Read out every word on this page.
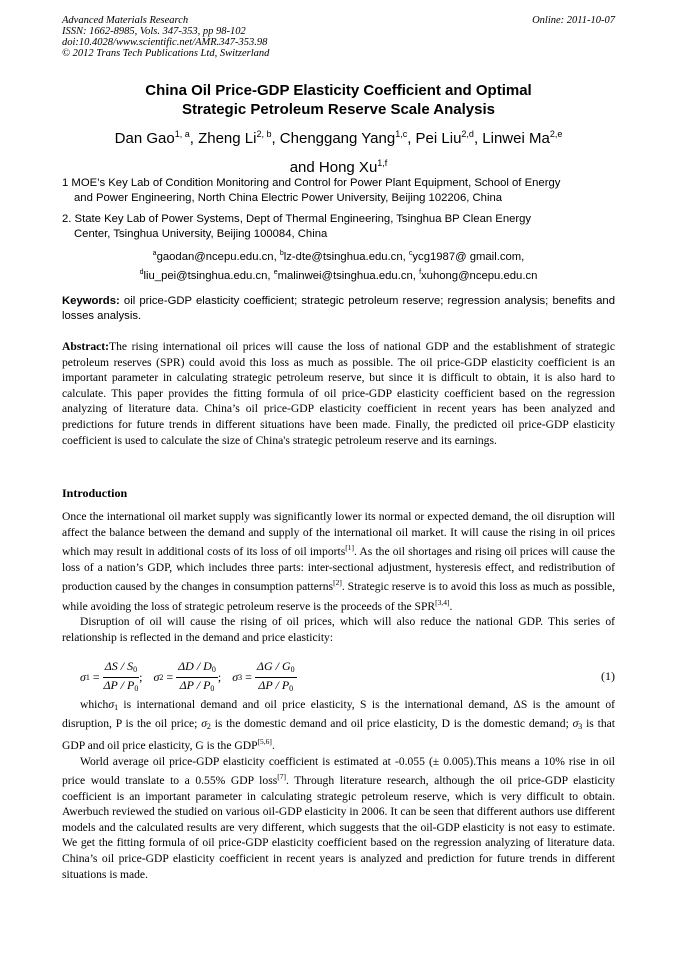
Advanced Materials Research
ISSN: 1662-8985, Vols. 347-353, pp 98-102
doi:10.4028/www.scientific.net/AMR.347-353.98
© 2012 Trans Tech Publications Ltd, Switzerland
Online: 2011-10-07
China Oil Price-GDP Elasticity Coefficient and Optimal
Strategic Petroleum Reserve Scale Analysis
Dan Gao$^{1, a}$, Zheng Li$^{2, b}$, Chenggang Yang$^{1,c}$, Pei Liu$^{2,d}$, Linwei Ma$^{2,e}$
and Hong Xu$^{1,f}$
1 MOE’s Key Lab of Condition Monitoring and Control for Power Plant Equipment, School of Energy
and Power Engineering, North China Electric Power University, Beijing 102206, China
2. State Key Lab of Power Systems, Dept of Thermal Engineering, Tsinghua BP Clean Energy
Center, Tsinghua University, Beijing 100084, China
$^a$gaodan@ncepu.edu.cn, $^b$lz-dte@tsinghua.edu.cn, $^c$ycg1987@ gmail.com,
$^d$liu_pei@tsinghua.edu.cn, $^e$malinwei@tsinghua.edu.cn, $^f$xuhong@ncepu.edu.cn
Keywords: oil price-GDP elasticity coefficient; strategic petroleum reserve; regression analysis; benefits and losses analysis.

Abstract:The rising international oil prices will cause the loss of national GDP and the establishment of strategic petroleum reserves (SPR) could avoid this loss as much as possible. The oil price-GDP elasticity coefficient is an important parameter in calculating strategic petroleum reserve, but since it is difficult to obtain, it is also hard to calculate. This paper provides the fitting formula of oil price-GDP elasticity coefficient based on the regression analyzing of literature data. China’s oil price-GDP elasticity coefficient in recent years has been analyzed and predictions for future trends in different situations have been made. Finally, the predicted oil price-GDP elasticity coefficient is used to calculate the size of China's strategic petroleum reserve and its earnings.

Introduction

Once the international oil market supply was significantly lower its normal or expected demand, the oil disruption will affect the balance between the demand and supply of the international oil market. It will cause the rising in oil prices which may result in additional costs of its loss of oil imports[1]. As the oil shortages and rising oil prices will cause the loss of a nation’s GDP, which includes three parts: inter-sectional adjustment, hysteresis effect, and redistribution of production caused by the changes in consumption patterns[2]. Strategic reserve is to avoid this loss as much as possible, while avoiding the loss of strategic petroleum reserve is the proceeds of the SPR[3,4].

Disruption of oil will cause the rising of oil prices, which will also reduce the national GDP. This series of relationship is reflected in the demand and price elasticity:

σ 1
=
$\frac{\Delta S / S_0}{\Delta P / P_0}$ ;
σ 2
=
$\frac{\Delta D / D_0}{\Delta P / P_0}$ ;
σ 3
=
$\frac{\Delta G / G_0}{\Delta P / P_0}$	(1)

whichσ$_1$ is international demand and oil price elasticity, S is the international demand, ΔS is the amount of disruption, P is the oil price; $\sigma_2$ is the domestic demand and oil price elasticity, D is the domestic demand; $\sigma_3$ is that GDP and oil price elasticity, G is the GDP[5,6].

World average oil price-GDP elasticity coefficient is estimated at -0.055 (± 0.005).This means a 10% rise in oil price would translate to a 0.55% GDP loss[7]. Through literature research, although the oil price-GDP elasticity coefficient is an important parameter in calculating strategic petroleum reserve, which is very difficult to obtain. Awerbuch reviewed the studied on various oil-GDP elasticity in 2006. It can be seen that different authors use different models and the calculated results are very different, which suggests that the oil-GDP elasticity is not easy to estimate. We get the fitting formula of oil price-GDP elasticity coefficient based on the regression analyzing of literature data. China’s oil price-GDP elasticity coefficient in recent years is analyzed and prediction for future trends in different situations is made.
